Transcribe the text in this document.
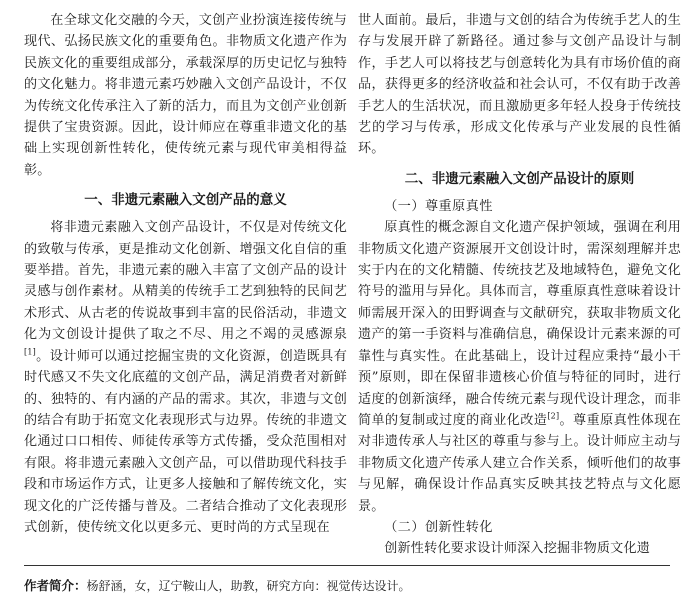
在全球文化交融的今天，文创产业扮演连接传统与现代、弘扬民族文化的重要角色。非物质文化遗产作为民族文化的重要组成部分，承载深厚的历史记忆与独特的文化魅力。将非遗元素巧妙融入文创产品设计，不仅为传统文化传承注入了新的活力，而且为文创产业创新提供了宝贵资源。因此，设计师应在尊重非遗文化的基础上实现创新性转化，使传统元素与现代审美相得益彰。

一、非遗元素融入文创产品的意义

将非遗元素融入文创产品设计，不仅是对传统文化的致敬与传承，更是推动文化创新、增强文化自信的重要举措。首先，非遗元素的融入丰富了文创产品的设计灵感与创作素材。从精美的传统手工艺到独特的民间艺术形式、从古老的传说故事到丰富的民俗活动，非遗文化为文创设计提供了取之不尽、用之不竭的灵感源泉[1]。设计师可以通过挖掘宝贵的文化资源，创造既具有时代感又不失文化底蕴的文创产品，满足消费者对新鲜的、独特的、有内涵的产品的需求。其次，非遗与文创的结合有助于拓宽文化表现形式与边界。传统的非遗文化通过口口相传、师徒传承等方式传播，受众范围相对有限。将非遗元素融入文创产品，可以借助现代科技手段和市场运作方式，让更多人接触和了解传统文化，实现文化的广泛传播与普及。二者结合推动了文化表现形式创新，使传统文化以更多元、更时尚的方式呈现在

世人面前。最后，非遗与文创的结合为传统手艺人的生存与发展开辟了新路径。通过参与文创产品设计与制作，手艺人可以将技艺与创意转化为具有市场价值的商品，获得更多的经济收益和社会认可，不仅有助于改善手艺人的生活状况，而且激励更多年轻人投身于传统技艺的学习与传承，形成文化传承与产业发展的良性循环。

二、非遗元素融入文创产品设计的原则
（一）尊重原真性

原真性的概念源自文化遗产保护领域，强调在利用非物质文化遗产资源展开文创设计时，需深刻理解并忠实于内在的文化精髓、传统技艺及地域特色，避免文化符号的滥用与异化。具体而言，尊重原真性意味着设计师需展开深入的田野调查与文献研究，获取非物质文化遗产的第一手资料与准确信息，确保设计元素来源的可靠性与真实性。在此基础上，设计过程应秉持“最小干预”原则，即在保留非遗核心价值与特征的同时，进行适度的创新演绎，融合传统元素与现代设计理念，而非简单的复制或过度的商业化改造[2]。尊重原真性体现在对非遗传承人与社区的尊重与参与上。设计师应主动与非物质文化遗产传承人建立合作关系，倾听他们的故事与见解，确保设计作品真实反映其技艺特点与文化愿景。

（二）创新性转化

创新性转化要求设计师深入挖掘非物质文化遗

作者简介：杨舒涵，女，辽宁鞍山人，助教，研究方向：视觉传达设计。
